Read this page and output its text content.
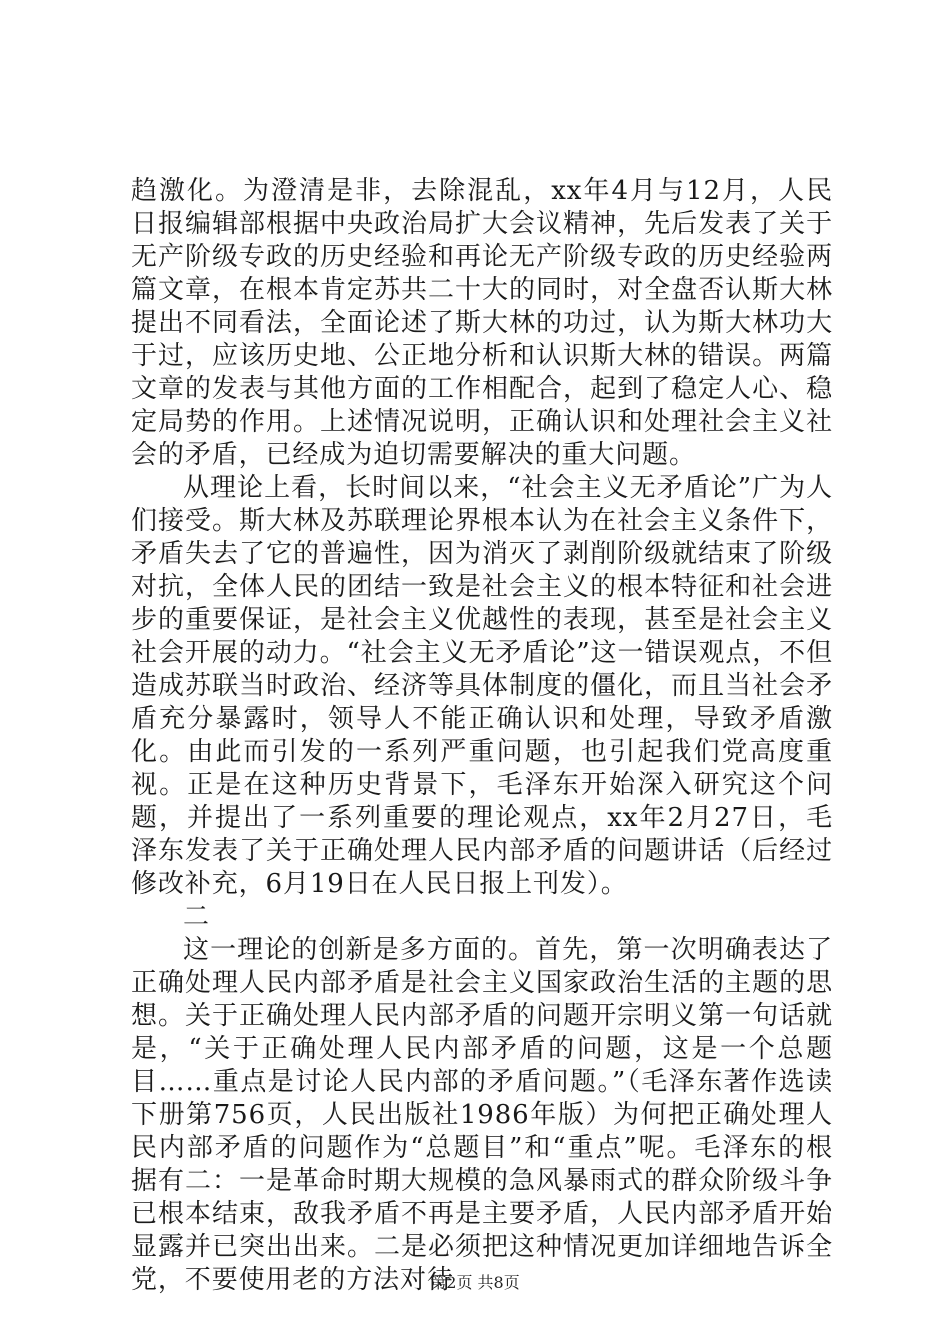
趋激化。为澄清是非，去除混乱，xx年4月与12月，人民日报编辑部根据中央政治局扩大会议精神，先后发表了关于无产阶级专政的历史经验和再论无产阶级专政的历史经验两篇文章，在根本肯定苏共二十大的同时，对全盘否认斯大林提出不同看法，全面论述了斯大林的功过，认为斯大林功大于过，应该历史地、公正地分析和认识斯大林的错误。两篇文章的发表与其他方面的工作相配合，起到了稳定人心、稳定局势的作用。上述情况说明，正确认识和处理社会主义社会的矛盾，已经成为迫切需要解决的重大问题。

从理论上看，长时间以来，“社会主义无矛盾论”广为人们接受。斯大林及苏联理论界根本认为在社会主义条件下，矛盾失去了它的普遍性，因为消灭了剥削阶级就结束了阶级对抗，全体人民的团结一致是社会主义的根本特征和社会进步的重要保证，是社会主义优越性的表现，甚至是社会主义社会开展的动力。“社会主义无矛盾论”这一错误观点，不但造成苏联当时政治、经济等具体制度的僵化，而且当社会矛盾充分暴露时，领导人不能正确认识和处理，导致矛盾激化。由此而引发的一系列严重问题，也引起我们党高度重视。正是在这种历史背景下，毛泽东开始深入研究这个问题，并提出了一系列重要的理论观点，xx年2月27日，毛泽东发表了关于正确处理人民内部矛盾的问题讲话（后经过修改补充，6月19日在人民日报上刊发）。

二

这一理论的创新是多方面的。首先，第一次明确表达了正确处理人民内部矛盾是社会主义国家政治生活的主题的思想。关于正确处理人民内部矛盾的问题开宗明义第一句话就是，“关于正确处理人民内部矛盾的问题，这是一个总题目……重点是讨论人民内部的矛盾问题。”（毛泽东著作选读下册第756页，人民出版社1986年版）为何把正确处理人民内部矛盾的问题作为“总题目”和“重点”呢。毛泽东的根据有二：一是革命时期大规模的急风暴雨式的群众阶级斗争已根本结束，敌我矛盾不再是主要矛盾，人民内部矛盾开始显露并已突出出来。二是必须把这种情况更加详细地告诉全党，不要使用老的方法对待

第2页 共8页
